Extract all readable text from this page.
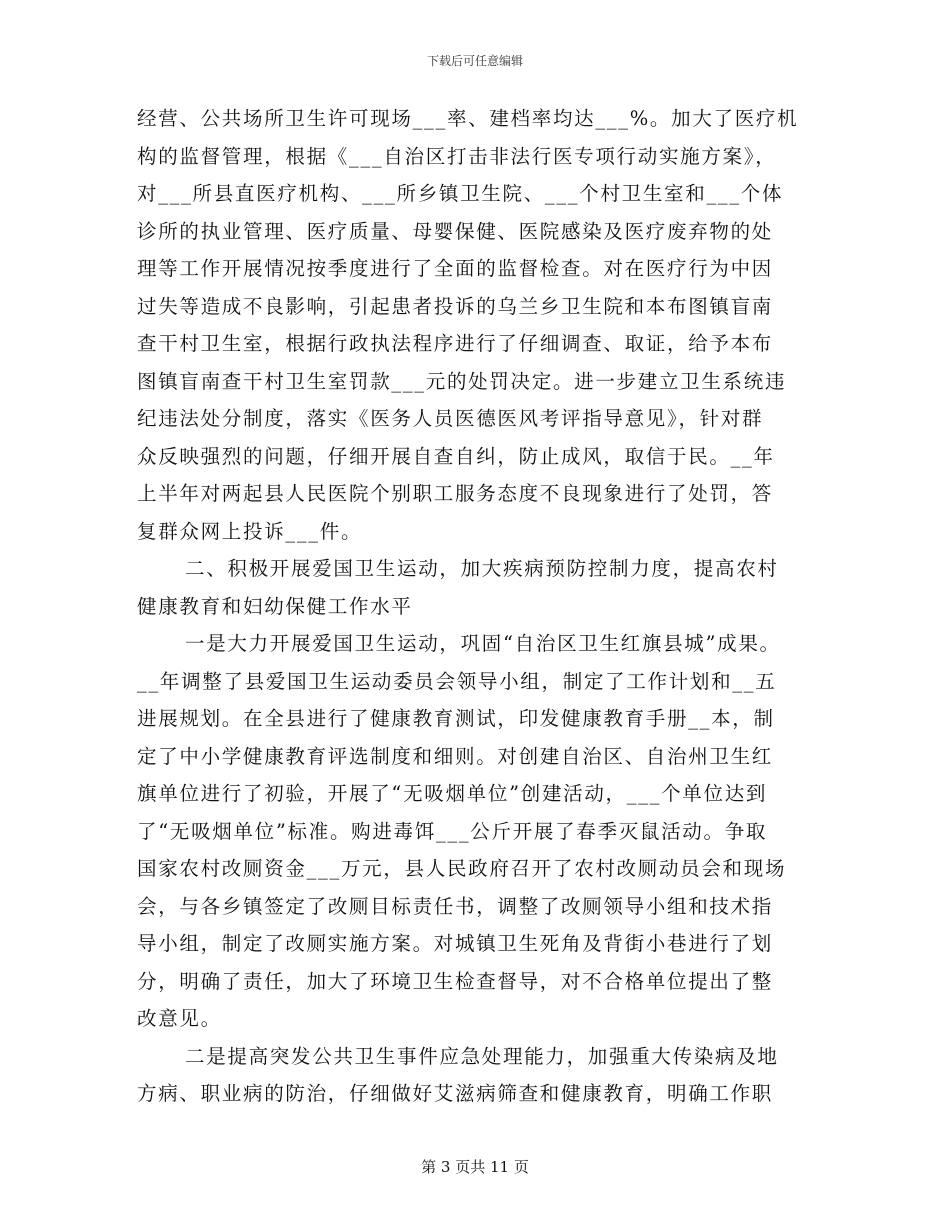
下载后可任意编辑
经营、公共场所卫生许可现场___率、建档率均达___%。加大了医疗机
构的监督管理，根据《___自治区打击非法行医专项行动实施方案》，
对___所县直医疗机构、___所乡镇卫生院、___个村卫生室和___个体
诊所的执业管理、医疗质量、母婴保健、医院感染及医疗废弃物的处
理等工作开展情况按季度进行了全面的监督检查。对在医疗行为中因
过失等造成不良影响，引起患者投诉的乌兰乡卫生院和本布图镇盲南
查干村卫生室，根据行政执法程序进行了仔细调查、取证，给予本布
图镇盲南查干村卫生室罚款___元的处罚决定。进一步建立卫生系统违
纪违法处分制度，落实《医务人员医德医风考评指导意见》，针对群
众反映强烈的问题，仔细开展自查自纠，防止成风，取信于民。__年
上半年对两起县人民医院个别职工服务态度不良现象进行了处罚，答
复群众网上投诉___件。
二、积极开展爱国卫生运动，加大疾病预防控制力度，提高农村
健康教育和妇幼保健工作水平
一是大力开展爱国卫生运动，巩固“自治区卫生红旗县城”成果。
__年调整了县爱国卫生运动委员会领导小组，制定了工作计划和__五
进展规划。在全县进行了健康教育测试，印发健康教育手册__本，制
定了中小学健康教育评选制度和细则。对创建自治区、自治州卫生红
旗单位进行了初验，开展了“无吸烟单位”创建活动，___个单位达到
了“无吸烟单位”标准。购进毒饵___公斤开展了春季灭鼠活动。争取
国家农村改厕资金___万元，县人民政府召开了农村改厕动员会和现场
会，与各乡镇签定了改厕目标责任书，调整了改厕领导小组和技术指
导小组，制定了改厕实施方案。对城镇卫生死角及背街小巷进行了划
分，明确了责任，加大了环境卫生检查督导，对不合格单位提出了整
改意见。
二是提高突发公共卫生事件应急处理能力，加强重大传染病及地
方病、职业病的防治，仔细做好艾滋病筛查和健康教育，明确工作职
第 3 页共 11 页
